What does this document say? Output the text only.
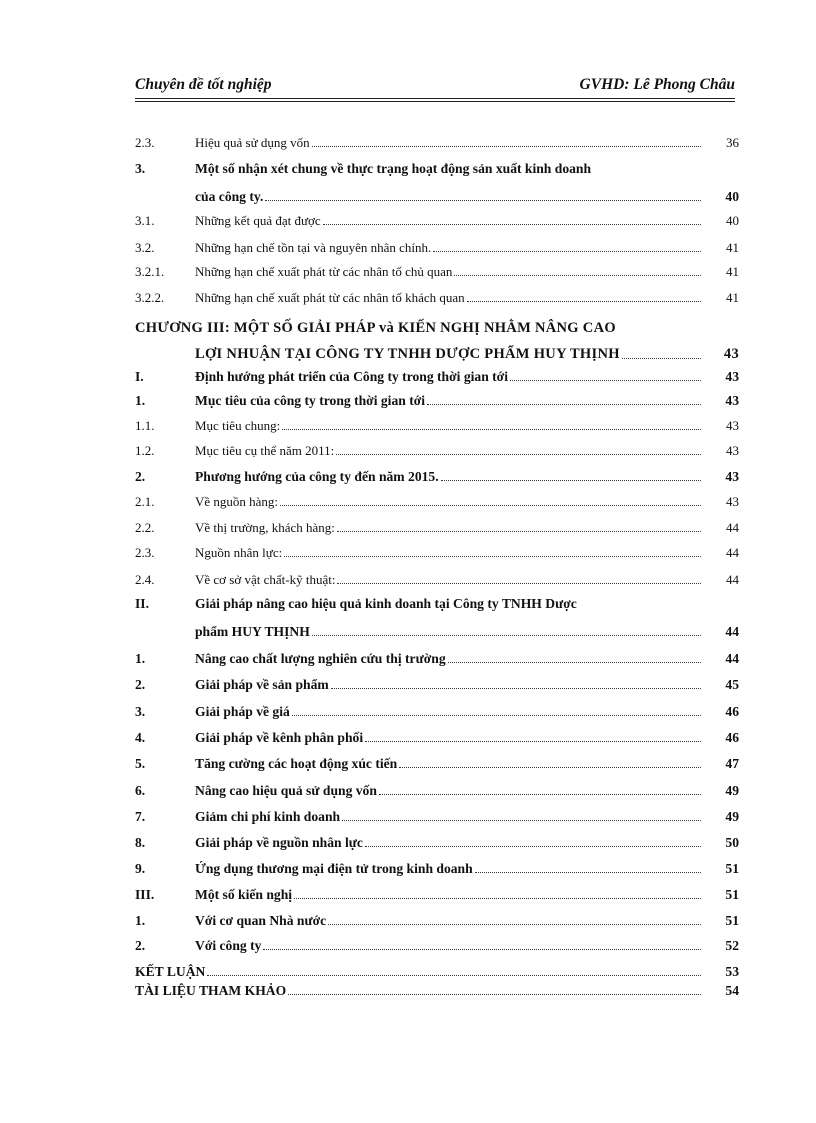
Chuyên đề tốt nghiệp	GVHD: Lê Phong Châu
2.3.	Hiệu quả sử dụng vốn	36
3.	Một số nhận xét chung về thực trạng hoạt động sản xuất kinh doanh
của công ty.	40
3.1.	Những kết quả đạt được	40
3.2.	Những hạn chế tồn tại và nguyên nhân chính.	41
3.2.1. Những hạn chế xuất phát từ các nhân tố chủ quan	41
3.2.2. Những hạn chế xuất phát từ các nhân tố khách quan	41
CHƯƠNG III: MỘT SỐ GIẢI PHÁP và KIẾN NGHỊ NHẰM NÂNG CAO
LỢI NHUẬN TẠI CÔNG TY TNHH DƯỢC PHẨM HUY THỊNH	43
I.	Định hướng phát triển của Công ty trong thời gian tới	43
1.	Mục tiêu của công ty trong thời gian tới	43
1.1.	Mục tiêu chung:	43
1.2.	Mục tiêu cụ thể năm 2011:	43
2.	Phương hướng của công ty đến năm 2015.	43
2.1.	Về nguồn hàng:	43
2.2.	Về thị trường, khách hàng:	44
2.3.	Nguồn nhân lực:	44
2.4.	Về cơ sở vật chất-kỹ thuật:	44
II.	Giải pháp nâng cao hiệu quả kinh doanh tại Công ty TNHH Dược
phẩm HUY THỊNH	44
1.	Nâng cao chất lượng nghiên cứu thị trường	44
2.	Giải pháp về sản phẩm	45
3.	Giải pháp về giá	46
4.	Giải pháp về kênh phân phối	46
5.	Tăng cường các hoạt động xúc tiến	47
6.	Nâng cao hiệu quả sử dụng vốn	49
7.	Giảm chi phí kinh doanh	49
8.	Giải pháp về nguồn nhân lực	50
9.	Ứng dụng thương mại điện tử trong kinh doanh	51
III.	Một số kiến nghị	51
1.	Với cơ quan Nhà nước	51
2.	Với công ty	52
KẾT LUẬN	53
TÀI LIỆU THAM KHẢO	54
